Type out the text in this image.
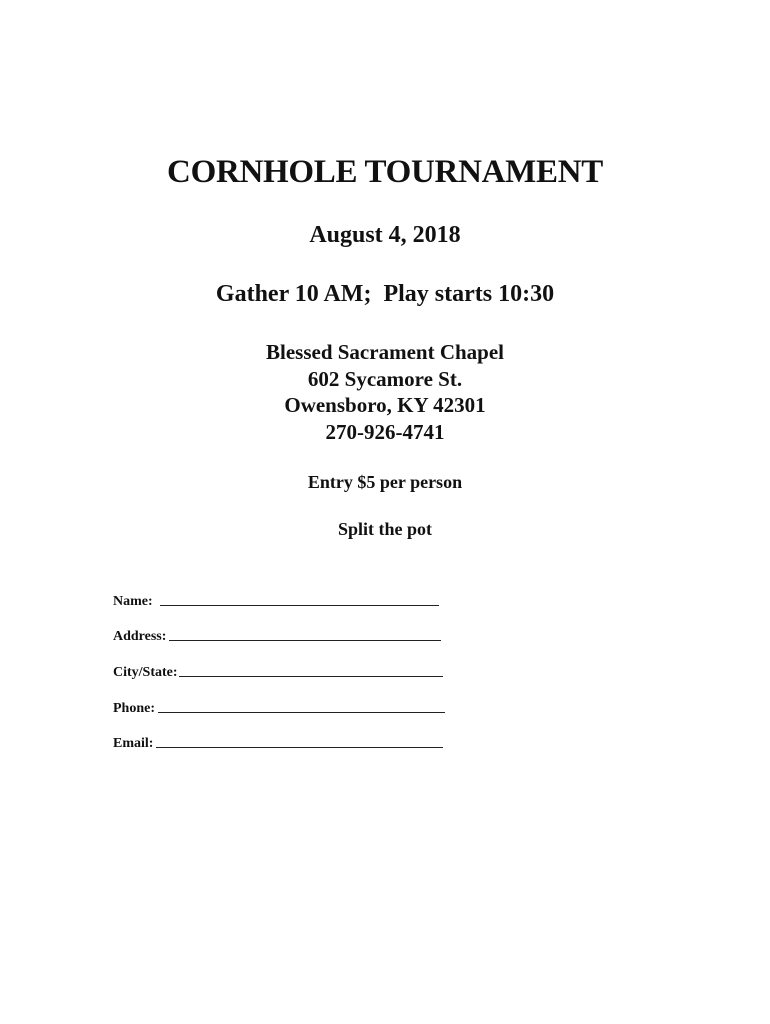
CORNHOLE TOURNAMENT
August 4, 2018
Gather 10 AM;  Play starts 10:30
Blessed Sacrament Chapel
602 Sycamore St.
Owensboro, KY 42301
270-926-4741
Entry $5 per person
Split the pot
Name:
Address:
City/State:
Phone:
Email:
